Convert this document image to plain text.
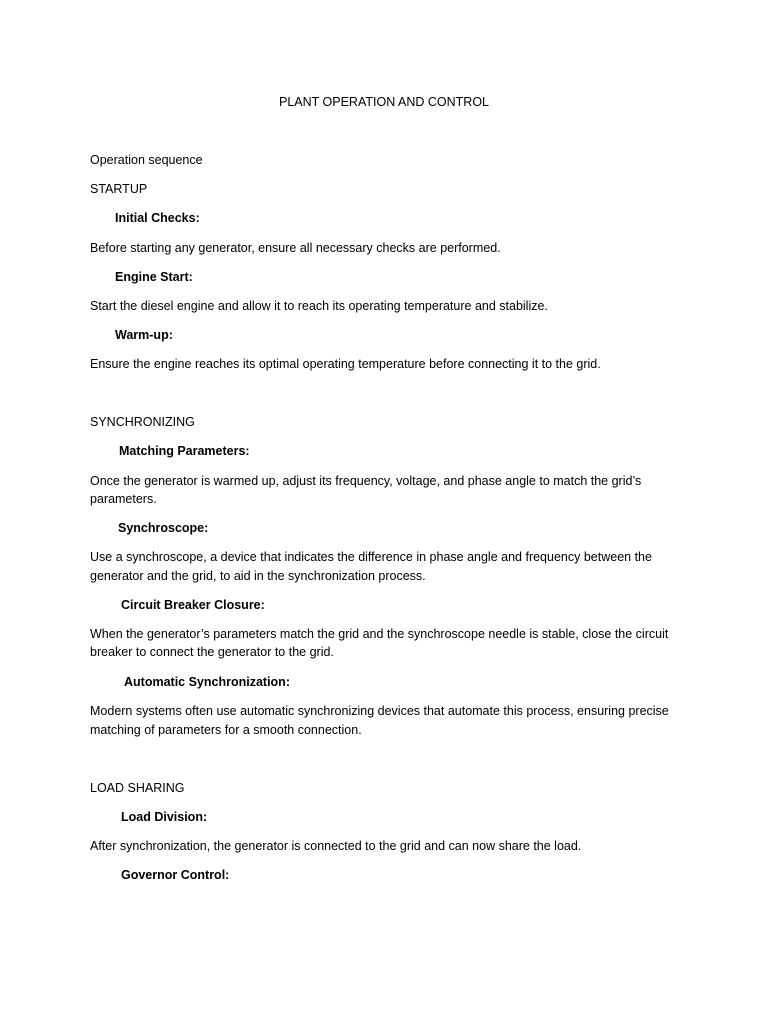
PLANT OPERATION AND CONTROL
Operation sequence
STARTUP
Initial Checks:
Before starting any generator, ensure all necessary checks are performed.
Engine Start:
Start the diesel engine and allow it to reach its operating temperature and stabilize.
Warm-up:
Ensure the engine reaches its optimal operating temperature before connecting it to the grid.
SYNCHRONIZING
Matching Parameters:
Once the generator is warmed up, adjust its frequency, voltage, and phase angle to match the grid’s
parameters.
Synchroscope:
Use a synchroscope, a device that indicates the difference in phase angle and frequency between the
generator and the grid, to aid in the synchronization process.
Circuit Breaker Closure:
When the generator’s parameters match the grid and the synchroscope needle is stable, close the circuit
breaker to connect the generator to the grid.
Automatic Synchronization:
Modern systems often use automatic synchronizing devices that automate this process, ensuring precise
matching of parameters for a smooth connection.
LOAD SHARING
Load Division:
After synchronization, the generator is connected to the grid and can now share the load.
Governor Control:
